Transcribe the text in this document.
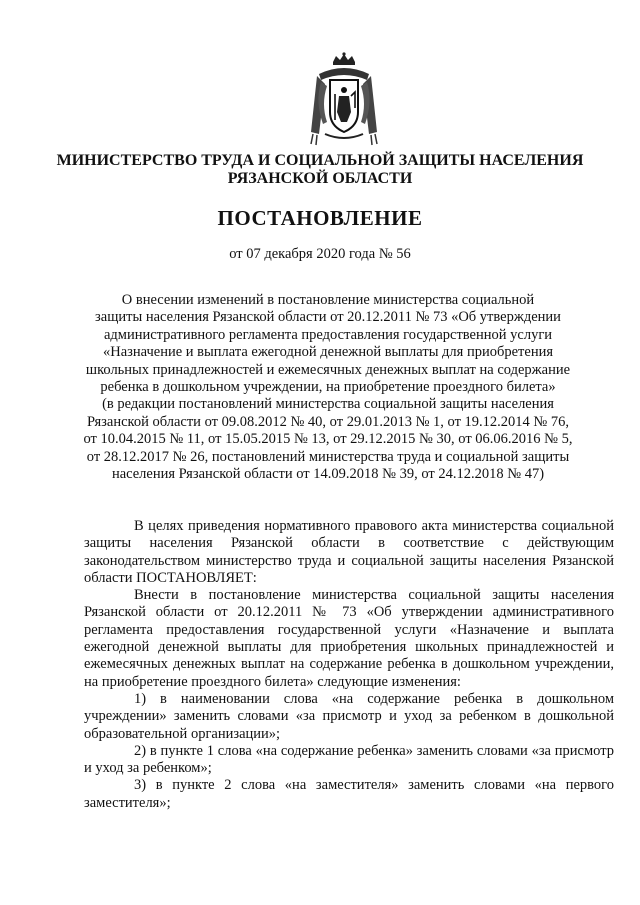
МИНИСТЕРСТВО ТРУДА И СОЦИАЛЬНОЙ ЗАЩИТЫ НАСЕЛЕНИЯ
РЯЗАНСКОЙ ОБЛАСТИ
ПОСТАНОВЛЕНИЕ
от 07 декабря 2020 года № 56

О внесении изменений в постановление министерства социальной

защиты населения Рязанской области от 20.12.2011 № 73 «Об утверждении

административного регламента предоставления государственной услуги

«Назначение и выплата ежегодной денежной выплаты для приобретения

школьных принадлежностей и ежемесячных денежных выплат на содержание

ребенка в дошкольном учреждении, на приобретение проездного билета»

(в редакции постановлений министерства социальной защиты населения

Рязанской области от 09.08.2012 № 40, от 29.01.2013 № 1, от 19.12.2014 № 76,

от 10.04.2015 № 11, от 15.05.2015 № 13, от 29.12.2015 № 30, от 06.06.2016 № 5,

от 28.12.2017 № 26, постановлений министерства труда и социальной защиты

населения Рязанской области от 14.09.2018 № 39, от 24.12.2018 № 47)

В целях приведения нормативного правового акта министерства социальной защиты населения Рязанской области в соответствие с действующим законодательством министерство труда и социальной защиты населения Рязанской области ПОСТАНОВЛЯЕТ:

Внести в постановление министерства социальной защиты населения Рязанской области от 20.12.2011 № 73 «Об утверждении административного регламента предоставления государственной услуги «Назначение и выплата ежегодной денежной выплаты для приобретения школьных принадлежностей и ежемесячных денежных выплат на содержание ребенка в дошкольном учреждении, на приобретение проездного билета» следующие изменения:

1) в наименовании слова «на содержание ребенка в дошкольном учреждении» заменить словами «за присмотр и уход за ребенком в дошкольной образовательной организации»;

2) в пункте 1 слова «на содержание ребенка» заменить словами «за присмотр и уход за ребенком»;

3) в пункте 2 слова «на заместителя» заменить словами «на первого заместителя»;
